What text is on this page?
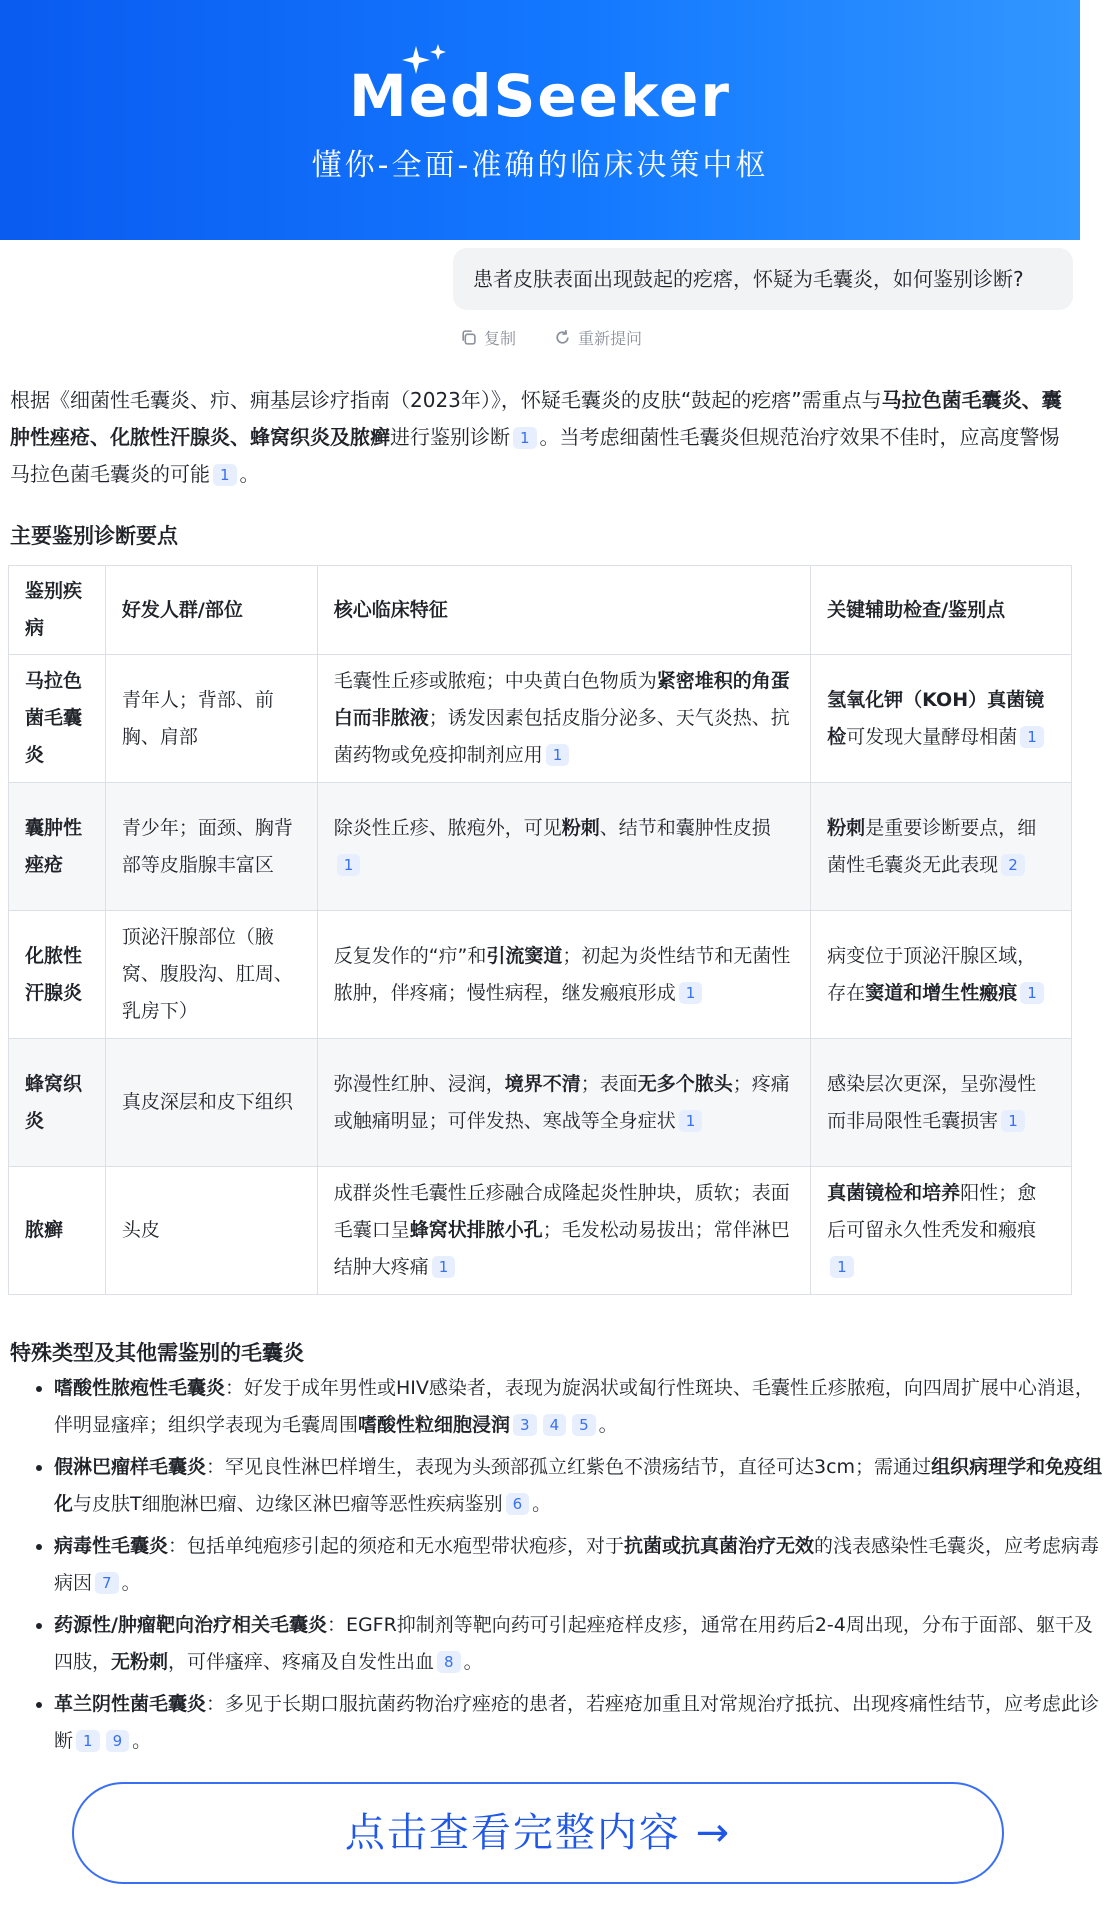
MedSeeker
懂你-全面-准确的临床决策中枢
患者皮肤表面出现鼓起的疙瘩，怀疑为毛囊炎，如何鉴别诊断?
复制	重新提问

根据《细菌性毛囊炎、疖、痈基层诊疗指南（2023年）》，怀疑毛囊炎的皮肤“鼓起的疙瘩”需重点与马拉色菌毛囊炎、囊肿性痤疮、化脓性汗腺炎、蜂窝织炎及脓癣进行鉴别诊断 1 。当考虑细菌性毛囊炎但规范治疗效果不佳时，应高度警惕马拉色菌毛囊炎的可能 1 。

主要鉴别诊断要点
鉴别疾病	好发人群/部位	核心临床特征	关键辅助检查/鉴别点
马拉色菌毛囊炎	青年人；背部、前胸、肩部	毛囊性丘疹或脓疱；中央黄白色物质为紧密堆积的角蛋白而非脓液；诱发因素包括皮脂分泌多、天气炎热、抗菌药物或免疫抑制剂应用 1	氢氧化钾（KOH）真菌镜检可发现大量酵母相菌 1
囊肿性痤疮	青少年；面颈、胸背部等皮脂腺丰富区	除炎性丘疹、脓疱外，可见粉刺、结节和囊肿性皮损1	粉刺是重要诊断要点，细菌性毛囊炎无此表现 2
化脓性汗腺炎	顶泌汗腺部位（腋窝、腹股沟、肛周、乳房下）	反复发作的“疖”和引流窦道；初起为炎性结节和无菌性脓肿，伴疼痛；慢性病程，继发瘢痕形成 1	病变位于顶泌汗腺区域，存在窦道和增生性瘢痕 1
蜂窝织炎	真皮深层和皮下组织	弥漫性红肿、浸润，境界不清；表面无多个脓头；疼痛或触痛明显；可伴发热、寒战等全身症状 1	感染层次更深，呈弥漫性而非局限性毛囊损害 1
脓癣	头皮	成群炎性毛囊性丘疹融合成隆起炎性肿块，质软；表面毛囊口呈蜂窝状排脓小孔；毛发松动易拔出；常伴淋巴结肿大疼痛 1	真菌镜检和培养阳性；愈后可留永久性秃发和瘢痕1
特殊类型及其他需鉴别的毛囊炎
• 嗜酸性脓疱性毛囊炎：好发于成年男性或HIV感染者，表现为旋涡状或匐行性斑块、毛囊性丘疹脓疱，向四周扩展中心消退，伴明显瘙痒；组织学表现为毛囊周围嗜酸性粒细胞浸润 3 4 5 。
• 假淋巴瘤样毛囊炎：罕见良性淋巴样增生，表现为头颈部孤立红紫色不溃疡结节，直径可达3cm；需通过组织病理学和免疫组化与皮肤T细胞淋巴瘤、边缘区淋巴瘤等恶性疾病鉴别 6 。
• 病毒性毛囊炎：包括单纯疱疹引起的须疮和无水疱型带状疱疹，对于抗菌或抗真菌治疗无效的浅表感染性毛囊炎，应考虑病毒病因 7 。
• 药源性/肿瘤靶向治疗相关毛囊炎：EGFR抑制剂等靶向药可引起痤疮样皮疹，通常在用药后2-4周出现，分布于面部、躯干及四肢，无粉刺，可伴瘙痒、疼痛及自发性出血 8 。
• 革兰阴性菌毛囊炎：多见于长期口服抗菌药物治疗痤疮的患者，若痤疮加重且对常规治疗抵抗、出现疼痛性结节，应考虑此诊断 1 9 。
点击查看完整内容 →
